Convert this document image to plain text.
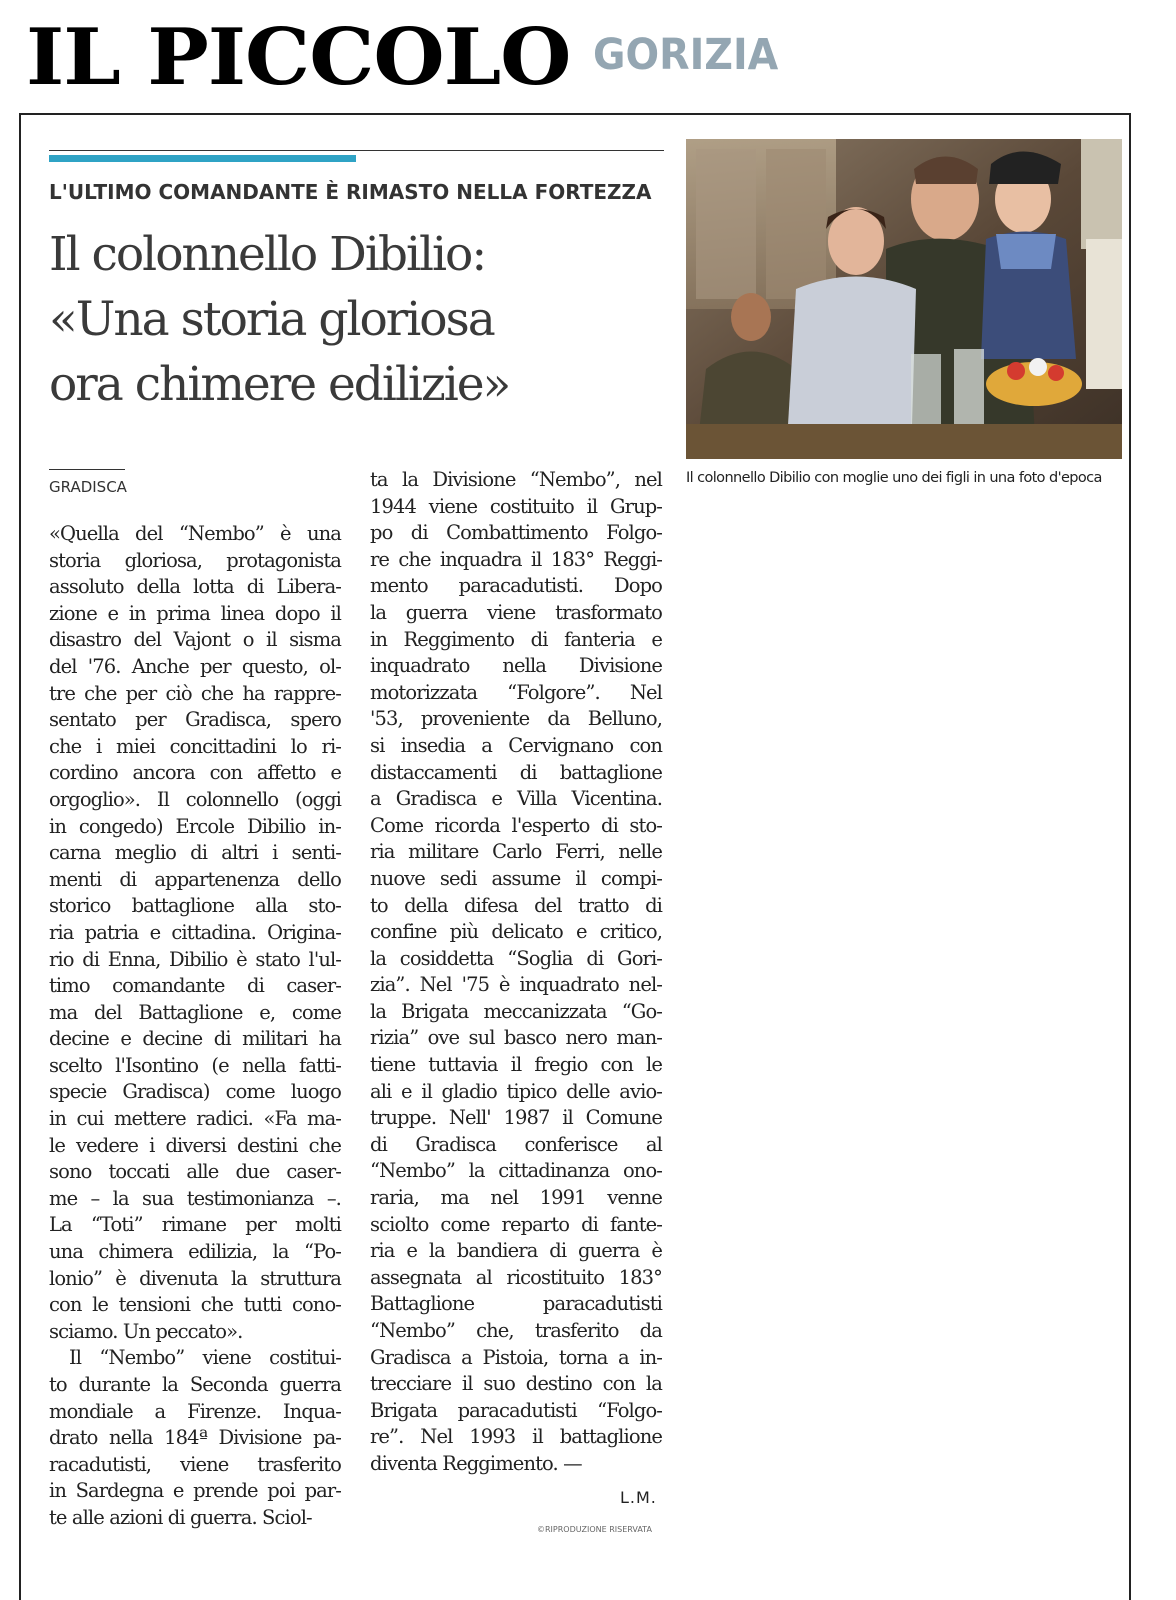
IL PICCOLO GORIZIA
L'ULTIMO COMANDANTE È RIMASTO NELLA FORTEZZA
Il colonnello Dibilio:
«Una storia gloriosa
ora chimere edilizie»
Il colonnello Dibilio con moglie uno dei figli in una foto d'epoca
GRADISCA
«Quella del “Nembo” è una
storia gloriosa, protagonista
assoluto della lotta di Libera-
zione e in prima linea dopo il
disastro del Vajont o il sisma
del '76. Anche per questo, ol-
tre che per ciò che ha rappre-
sentato per Gradisca, spero
che i miei concittadini lo ri-
cordino ancora con affetto e
orgoglio». Il colonnello (oggi
in congedo) Ercole Dibilio in-
carna meglio di altri i senti-
menti di appartenenza dello
storico battaglione alla sto-
ria patria e cittadina. Origina-
rio di Enna, Dibilio è stato l'ul-
timo comandante di caser-
ma del Battaglione e, come
decine e decine di militari ha
scelto l'Isontino (e nella fatti-
specie Gradisca) come luogo
in cui mettere radici. «Fa ma-
le vedere i diversi destini che
sono toccati alle due caser-
me – la sua testimonianza –.
La “Toti” rimane per molti
una chimera edilizia, la “Po-
lonio” è divenuta la struttura
con le tensioni che tutti cono-
sciamo. Un peccato».
Il “Nembo” viene costitui-
to durante la Seconda guerra
mondiale a Firenze. Inqua-
drato nella 184ª Divisione pa-
racadutisti, viene trasferito
in Sardegna e prende poi par-
te alle azioni di guerra. Sciol-
ta la Divisione “Nembo”, nel
1944 viene costituito il Grup-
po di Combattimento Folgo-
re che inquadra il 183° Reggi-
mento paracadutisti. Dopo
la guerra viene trasformato
in Reggimento di fanteria e
inquadrato nella Divisione
motorizzata “Folgore”. Nel
'53, proveniente da Belluno,
si insedia a Cervignano con
distaccamenti di battaglione
a Gradisca e Villa Vicentina.
Come ricorda l'esperto di sto-
ria militare Carlo Ferri, nelle
nuove sedi assume il compi-
to della difesa del tratto di
confine più delicato e critico,
la cosiddetta “Soglia di Gori-
zia”. Nel '75 è inquadrato nel-
la Brigata meccanizzata “Go-
rizia” ove sul basco nero man-
tiene tuttavia il fregio con le
ali e il gladio tipico delle avio-
truppe. Nell' 1987 il Comune
di Gradisca conferisce al
“Nembo” la cittadinanza ono-
raria, ma nel 1991 venne
sciolto come reparto di fante-
ria e la bandiera di guerra è
assegnata al ricostituito 183°
Battaglione paracadutisti
“Nembo” che, trasferito da
Gradisca a Pistoia, torna a in-
trecciare il suo destino con la
Brigata paracadutisti “Folgo-
re”. Nel 1993 il battaglione
diventa Reggimento. —
L.M.
©RIPRODUZIONE RISERVATA
